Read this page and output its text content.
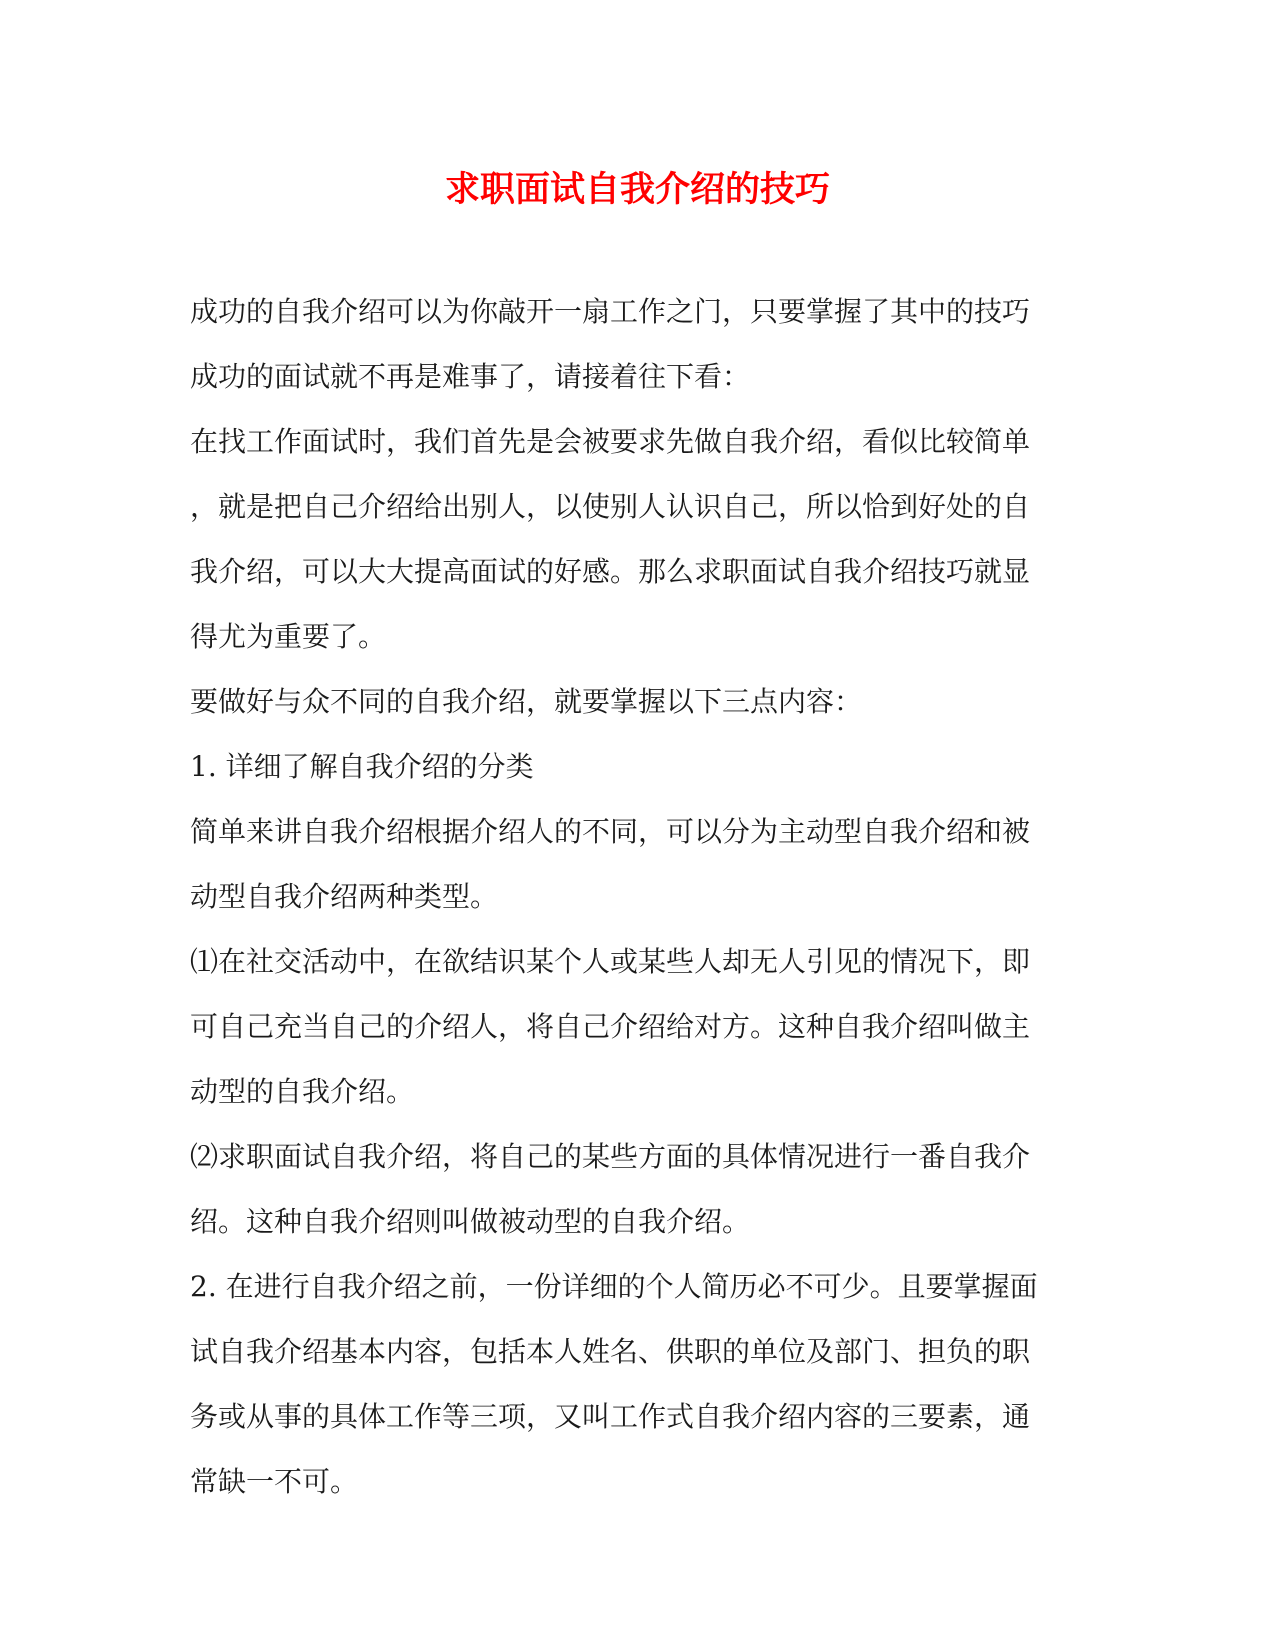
求职面试自我介绍的技巧
成功的自我介绍可以为你敲开一扇工作之门，只要掌握了其中的技巧
成功的面试就不再是难事了，请接着往下看：
在找工作面试时，我们首先是会被要求先做自我介绍，看似比较简单
，就是把自己介绍给出别人，以使别人认识自己，所以恰到好处的自
我介绍，可以大大提高面试的好感。那么求职面试自我介绍技巧就显
得尤为重要了。
要做好与众不同的自我介绍，就要掌握以下三点内容：
1. 详细了解自我介绍的分类
简单来讲自我介绍根据介绍人的不同，可以分为主动型自我介绍和被
动型自我介绍两种类型。
⑴在社交活动中，在欲结识某个人或某些人却无人引见的情况下，即
可自己充当自己的介绍人，将自己介绍给对方。这种自我介绍叫做主
动型的自我介绍。
⑵求职面试自我介绍，将自己的某些方面的具体情况进行一番自我介
绍。这种自我介绍则叫做被动型的自我介绍。
2. 在进行自我介绍之前，一份详细的个人简历必不可少。且要掌握面
试自我介绍基本内容，包括本人姓名、供职的单位及部门、担负的职
务或从事的具体工作等三项，又叫工作式自我介绍内容的三要素，通
常缺一不可。
